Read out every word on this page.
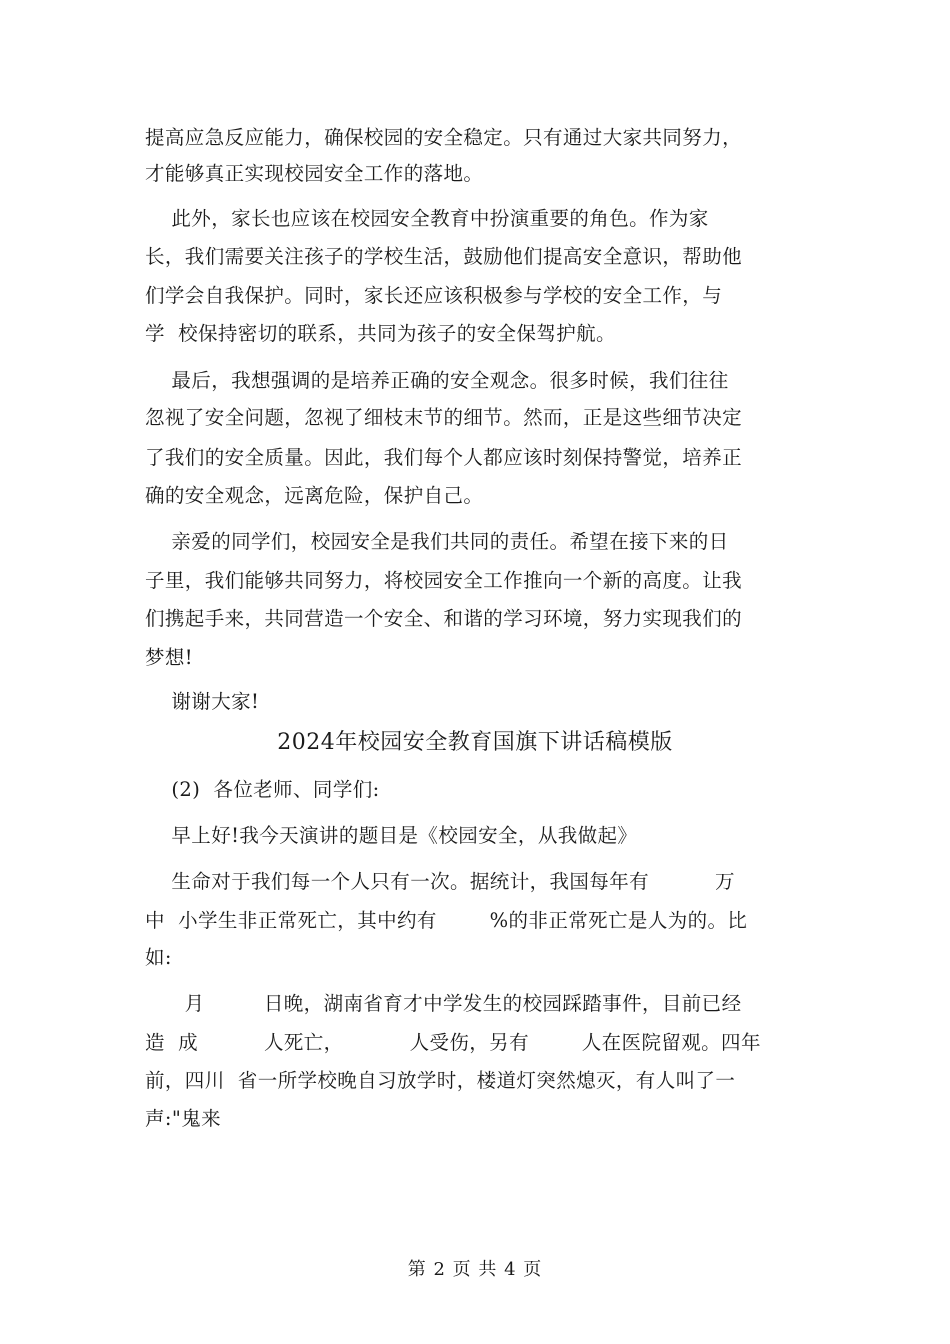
提高应急反应能力，确保校园的安全稳定。只有通过大家共同努力，
才能够真正实现校园安全工作的落地。
此外，家长也应该在校园安全教育中扮演重要的角色。作为家
长，我们需要关注孩子的学校生活，鼓励他们提高安全意识，帮助他
们学会自我保护。同时，家长还应该积极参与学校的安全工作，与
学  校保持密切的联系，共同为孩子的安全保驾护航。
最后，我想强调的是培养正确的安全观念。很多时候，我们往往
忽视了安全问题，忽视了细枝末节的细节。然而，正是这些细节决定
了我们的安全质量。因此，我们每个人都应该时刻保持警觉，培养正
确的安全观念，远离危险，保护自己。
亲爱的同学们，校园安全是我们共同的责任。希望在接下来的日
子里，我们能够共同努力，将校园安全工作推向一个新的高度。让我
们携起手来，共同营造一个安全、和谐的学习环境，努力实现我们的
梦想!
谢谢大家!
2024年校园安全教育国旗下讲话稿模版
(2)  各位老师、同学们:
早上好!我今天演讲的题目是《校园安全，从我做起》
生命对于我们每一个人只有一次。据统计，我国每年有          万
中  小学生非正常死亡，其中约有        %的非正常死亡是人为的。比
如:
月         日晚，湖南省育才中学发生的校园踩踏事件，目前已经
造  成          人死亡，          人受伤，另有        人在医院留观。四年
前，四川  省一所学校晚自习放学时，楼道灯突然熄灭，有人叫了一
声:"鬼来
第 2 页 共 4 页
